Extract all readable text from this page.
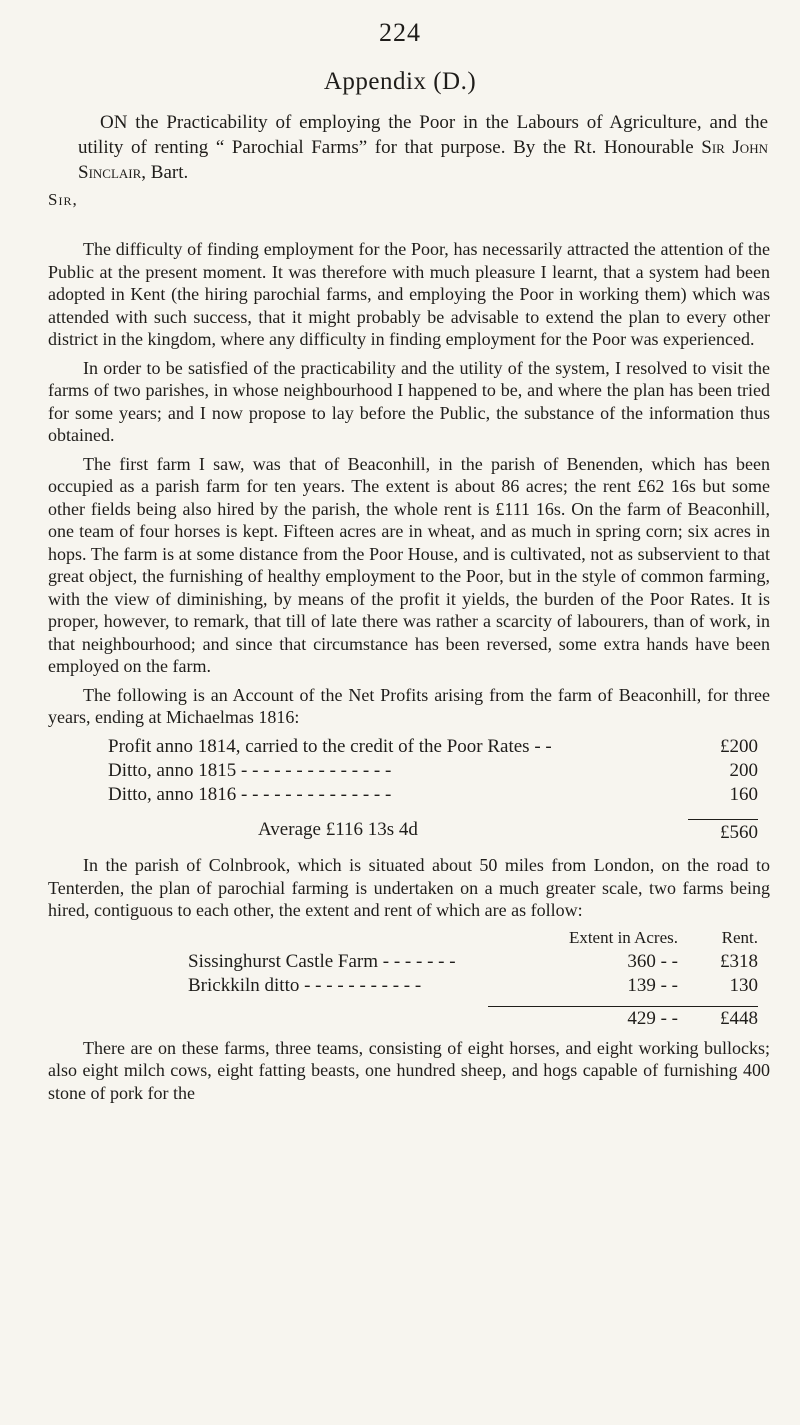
224
Appendix (D.)
ON the Practicability of employing the Poor in the Labours of Agriculture, and the utility of renting “ Parochial Farms” for that purpose. By the Rt. Honourable Sir John Sinclair, Bart.
Sir,

The difficulty of finding employment for the Poor, has necessarily attracted the attention of the Public at the present moment. It was therefore with much pleasure I learnt, that a system had been adopted in Kent (the hiring parochial farms, and employing the Poor in working them) which was attended with such success, that it might probably be advisable to extend the plan to every other district in the kingdom, where any difficulty in finding employment for the Poor was experienced.

In order to be satisfied of the practicability and the utility of the system, I resolved to visit the farms of two parishes, in whose neighbourhood I happened to be, and where the plan has been tried for some years; and I now propose to lay before the Public, the substance of the information thus obtained.

The first farm I saw, was that of Beaconhill, in the parish of Benenden, which has been occupied as a parish farm for ten years. The extent is about 86 acres; the rent £62 16s but some other fields being also hired by the parish, the whole rent is £111 16s. On the farm of Beaconhill, one team of four horses is kept. Fifteen acres are in wheat, and as much in spring corn; six acres in hops. The farm is at some distance from the Poor House, and is cultivated, not as subservient to that great object, the furnishing of healthy employment to the Poor, but in the style of common farming, with the view of diminishing, by means of the profit it yields, the burden of the Poor Rates. It is proper, however, to remark, that till of late there was rather a scarcity of labourers, than of work, in that neighbourhood; and since that circumstance has been reversed, some extra hands have been employed on the farm.

The following is an Account of the Net Profits arising from the farm of Beaconhill, for three years, ending at Michaelmas 1816:

Profit anno 1814, carried to the credit of the Poor Rates - -	£200
Ditto, anno 1815 - - - - - - - - - - - - - -	200
Ditto, anno 1816 - - - - - - - - - - - - - -	160
Average £116 13s 4d	£560

In the parish of Colnbrook, which is situated about 50 miles from London, on the road to Tenterden, the plan of parochial farming is undertaken on a much greater scale, two farms being hired, contiguous to each other, the extent and rent of which are as follow:

Extent in Acres.	Rent.
Sissinghurst Castle Farm - - - - - - -	360 - -	£318
Brickkiln ditto - - - - - - - - - - -	139 - -	130
429 - -	£448

There are on these farms, three teams, consisting of eight horses, and eight working bullocks; also eight milch cows, eight fatting beasts, one hundred sheep, and hogs capable of furnishing 400 stone of pork for the
